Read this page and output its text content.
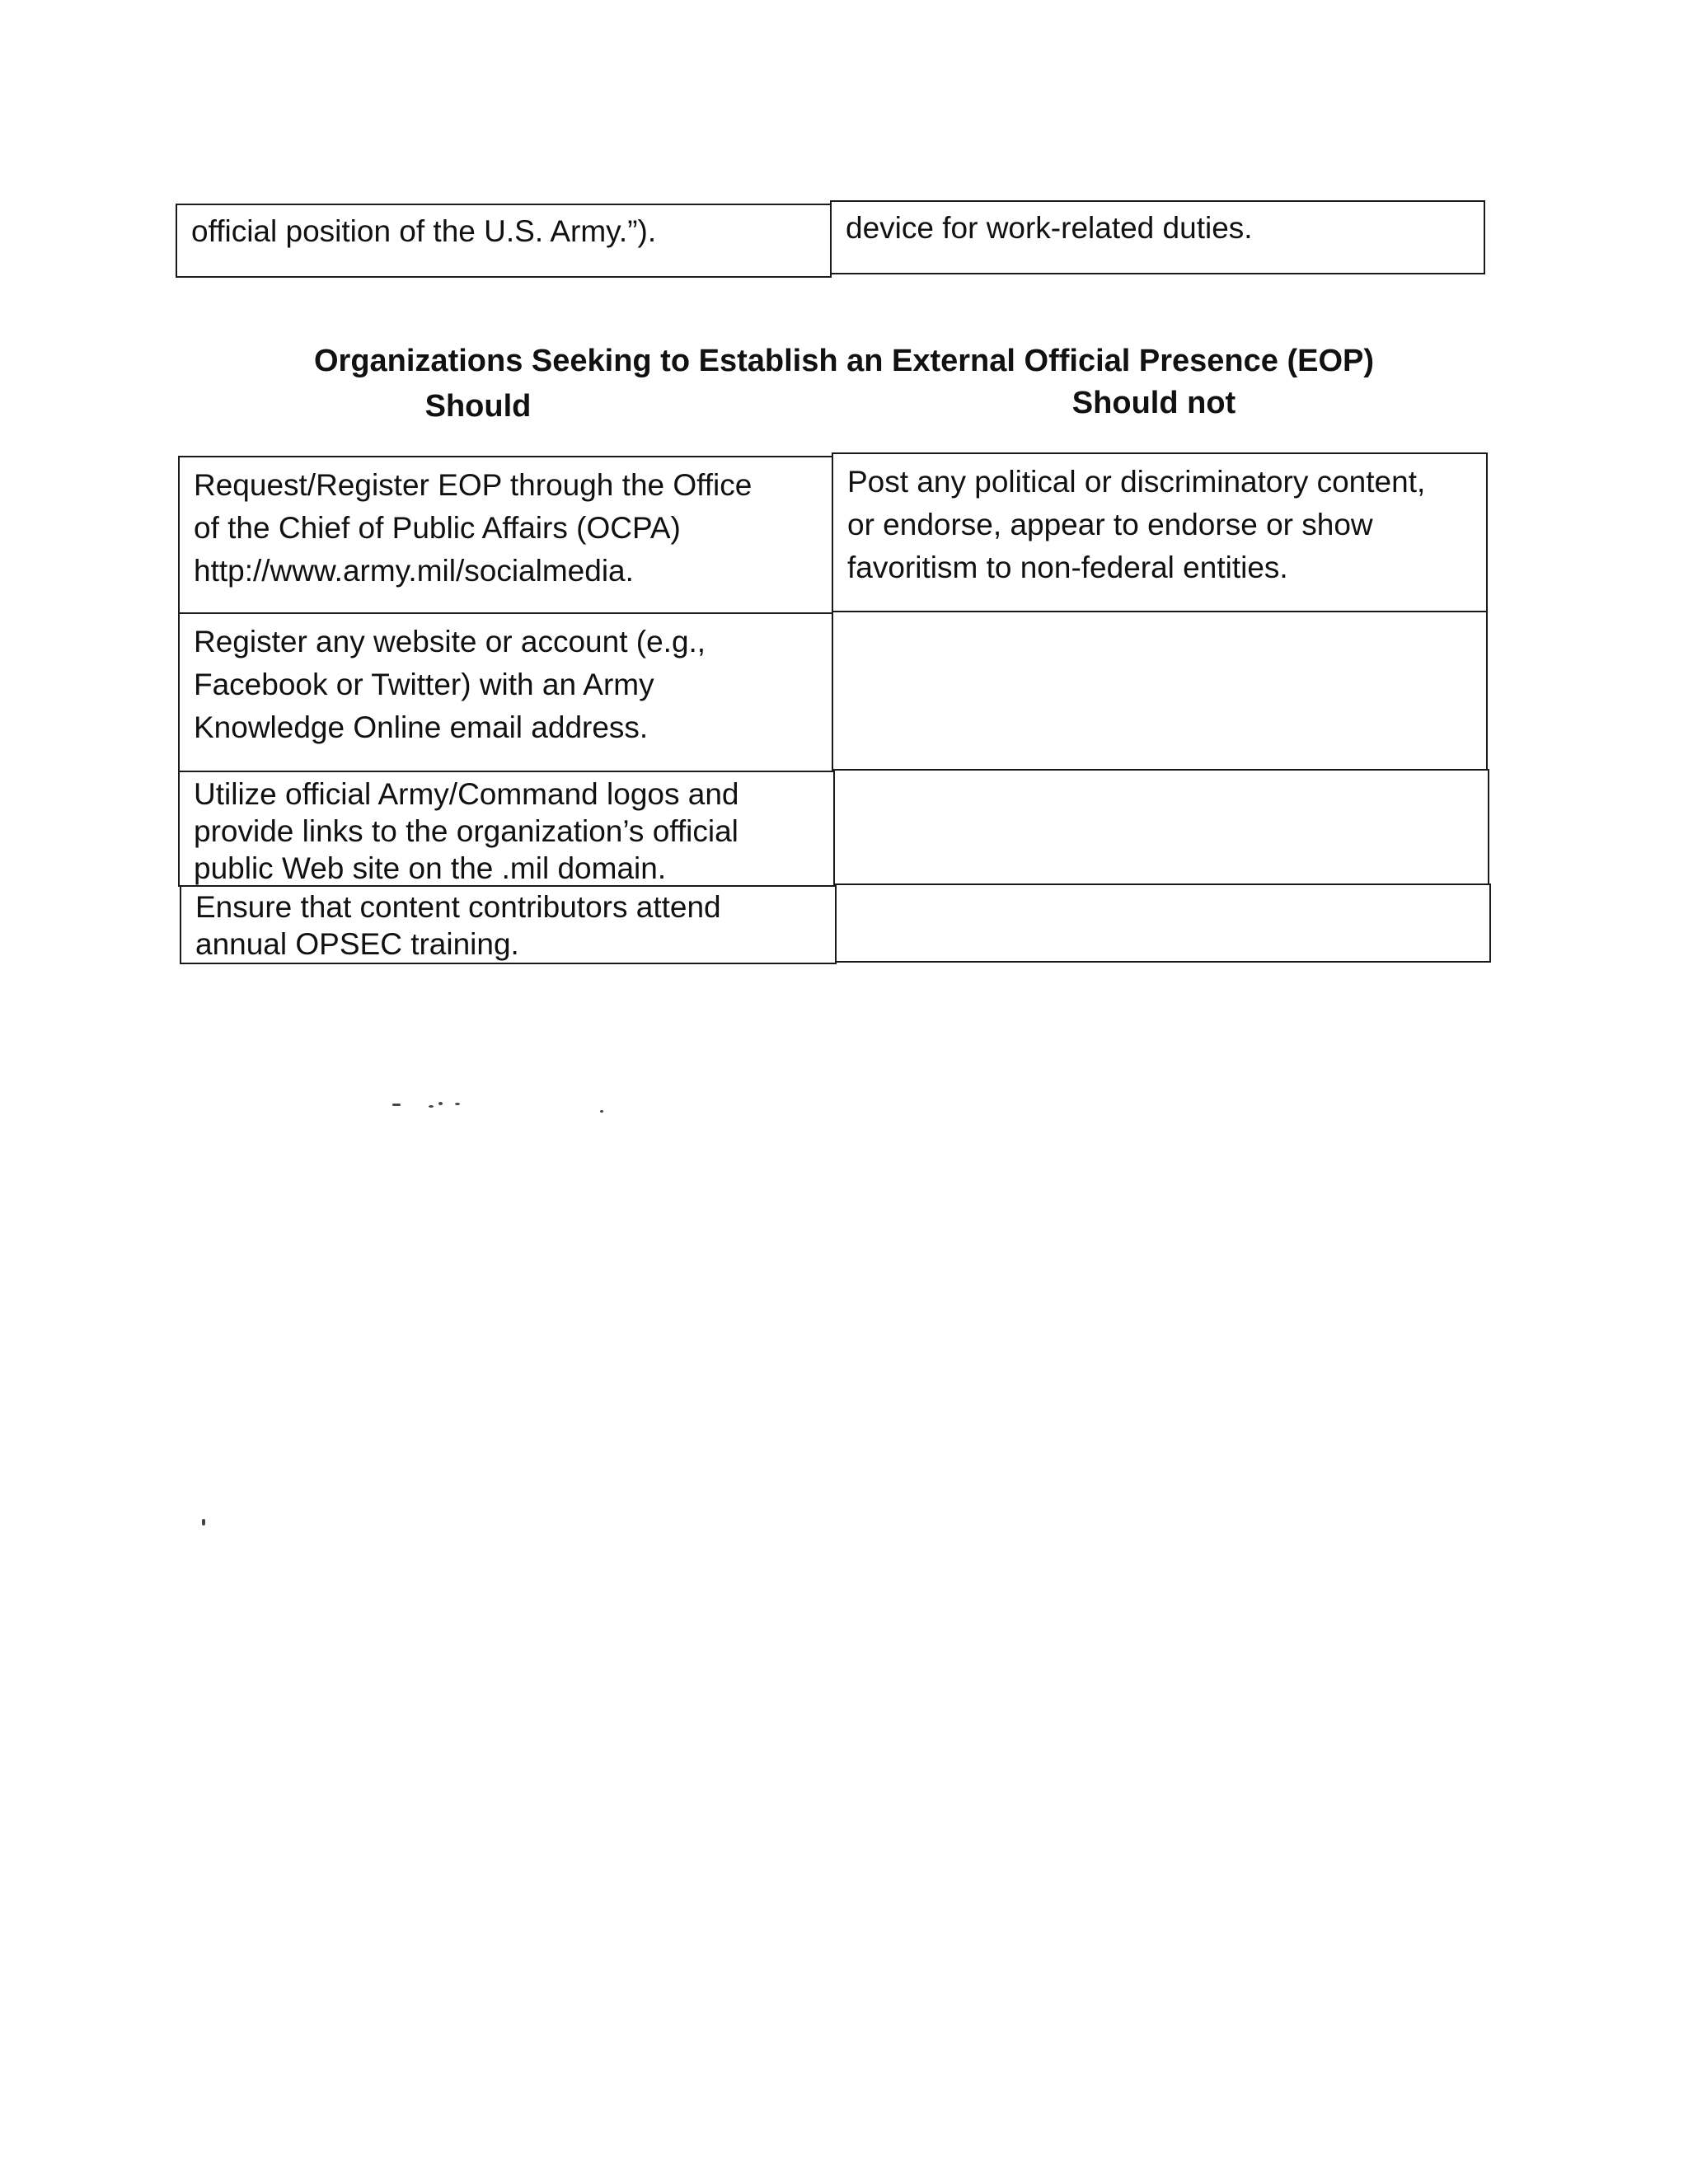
official position of the U.S. Army.”).	device for work-related duties.
Organizations Seeking to Establish an External Official Presence (EOP)
Should	Should not
Request/Register EOP through the Office
of the Chief of Public Affairs (OCPA)
http://www.army.mil/socialmedia.
Post any political or discriminatory content,
or endorse, appear to endorse or show
favoritism to non-federal entities.
Register any website or account (e.g.,
Facebook or Twitter) with an Army
Knowledge Online email address.
Utilize official Army/Command logos and
provide links to the organization’s official
public Web site on the .mil domain.
Ensure that content contributors attend
annual OPSEC training.
